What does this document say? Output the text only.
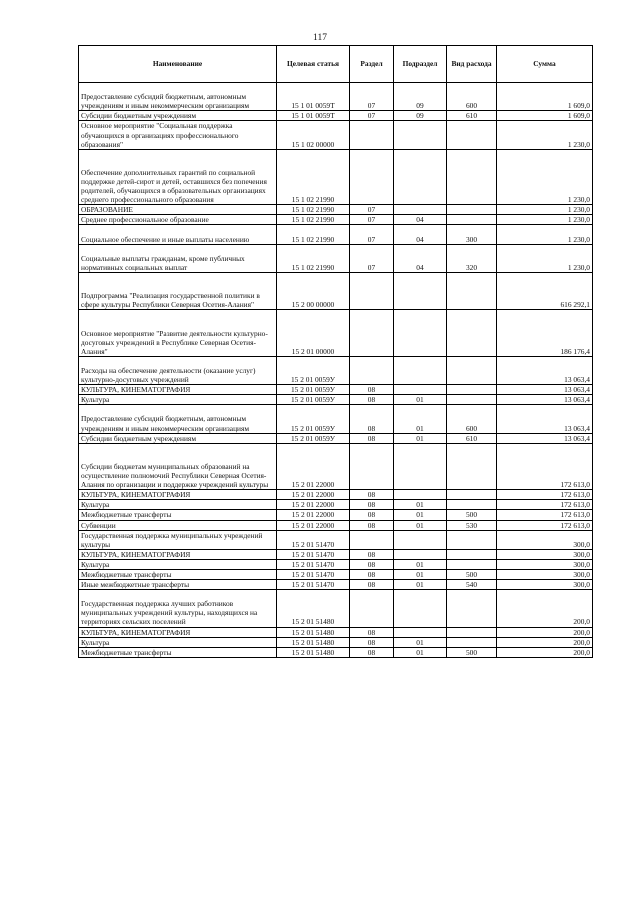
117
Наименование	Целевая статья	Раздел	Подраздел	Вид расхода	Сумма
Предоставление субсидий бюджетным, автономным учреждениям и иным некоммерческим организациям	15 1 01 0059Т	07	09	600	1 609,0
Субсидии бюджетным учреждениям	15 1 01 0059Т	07	09	610	1 609,0
Основное мероприятие "Социальная поддержка обучающихся в организациях профессионального образования"	15 1 02 00000				1 230,0
Обеспечение дополнительных гарантий по социальной поддержке детей-сирот и детей, оставшихся без попечения родителей, обучающихся в образовательных организациях среднего профессионального образования	15 1 02 21990				1 230,0
ОБРАЗОВАНИЕ	15 1 02 21990	07			1 230,0
Среднее профессиональное образование	15 1 02 21990	07	04		1 230,0
Социальное обеспечение и иные выплаты населению	15 1 02 21990	07	04	300	1 230,0
Социальные выплаты гражданам, кроме публичных нормативных социальных выплат	15 1 02 21990	07	04	320	1 230,0
Подпрограмма "Реализация государственной политики в сфере культуры Республики Северная Осетия-Алания"	15 2 00 00000				616 292,1
Основное мероприятие "Развитие деятельности культурно-досуговых учреждений в Республике Северная Осетия-Алания"	15 2 01 00000				186 176,4
Расходы на обеспечение деятельности (оказание услуг) культурно-досуговых учреждений	15 2 01 0059У				13 063,4
КУЛЬТУРА, КИНЕМАТОГРАФИЯ	15 2 01 0059У	08			13 063,4
Культура	15 2 01 0059У	08	01		13 063,4
Предоставление субсидий бюджетным, автономным учреждениям и иным некоммерческим организациям	15 2 01 0059У	08	01	600	13 063,4
Субсидии бюджетным учреждениям	15 2 01 0059У	08	01	610	13 063,4
Субсидии бюджетам муниципальных образований на осуществление полномочий Республики Северная Осетия-Алания по организации и поддержке учреждений культуры	15 2 01 22000				172 613,0
КУЛЬТУРА, КИНЕМАТОГРАФИЯ	15 2 01 22000	08			172 613,0
Культура	15 2 01 22000	08	01		172 613,0
Межбюджетные трансферты	15 2 01 22000	08	01	500	172 613,0
Субвенции	15 2 01 22000	08	01	530	172 613,0
Государственная поддержка муниципальных учреждений культуры	15 2 01 51470				300,0
КУЛЬТУРА, КИНЕМАТОГРАФИЯ	15 2 01 51470	08			300,0
Культура	15 2 01 51470	08	01		300,0
Межбюджетные трансферты	15 2 01 51470	08	01	500	300,0
Иные межбюджетные трансферты	15 2 01 51470	08	01	540	300,0
Государственная поддержка лучших работников муниципальных учреждений культуры, находящихся на территориях сельских поселений	15 2 01 51480				200,0
КУЛЬТУРА, КИНЕМАТОГРАФИЯ	15 2 01 51480	08			200,0
Культура	15 2 01 51480	08	01		200,0
Межбюджетные трансферты	15 2 01 51480	08	01	500	200,0
